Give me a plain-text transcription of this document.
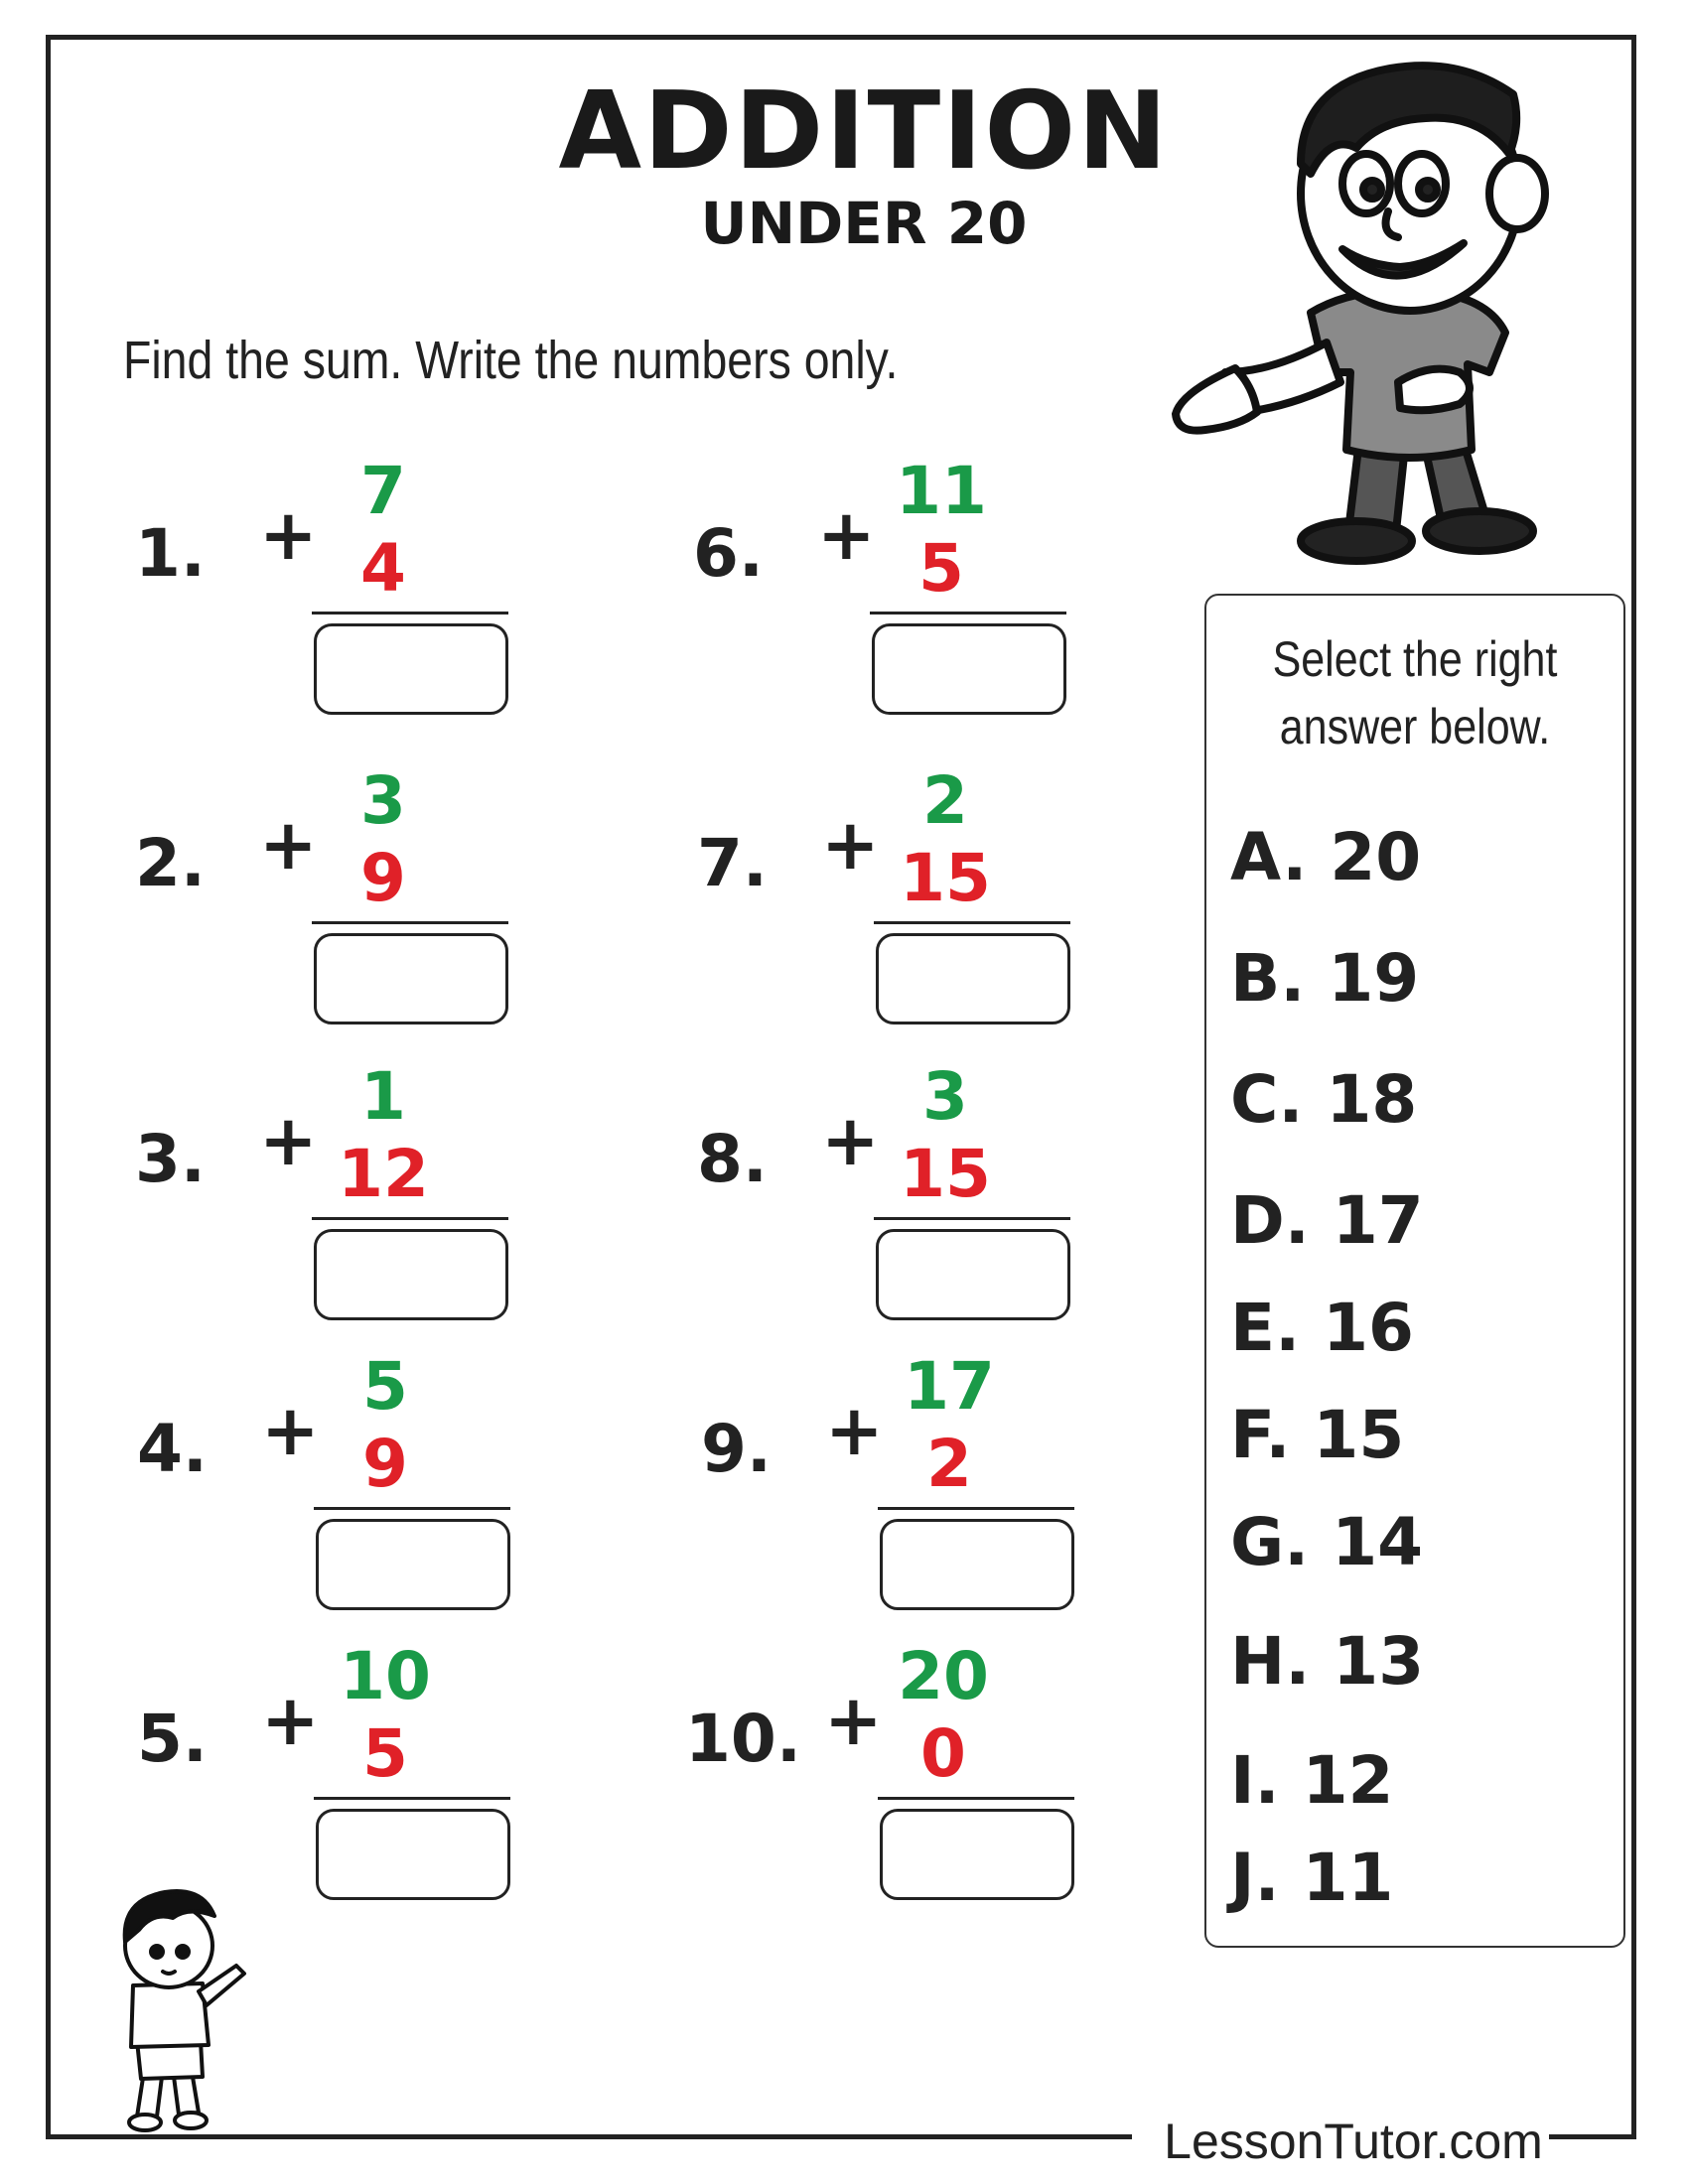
LessonTutor.com
ADDITION
UNDER 20
Find the sum. Write the numbers only.
1. +
7
4
2. +
3
9
3. +
1
12
4. +
5
9
5. +
10
5
6. +
11
5
7. +
2
15
8. +
3
15
9. +
17
2
10. +
20
0
Select the right
answer below.
A. 20
B. 19
C. 18
D. 17
E. 16
F. 15
G. 14
H. 13
I. 12
J. 11
